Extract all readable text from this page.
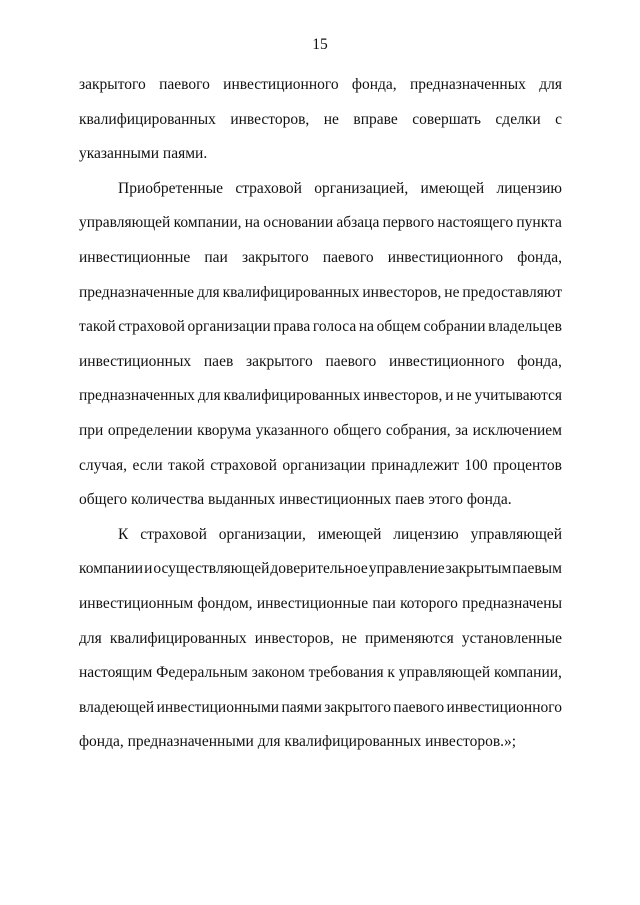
15
закрытого паевого инвестиционного фонда, предназначенных для
квалифицированных инвесторов, не вправе совершать сделки с
указанными паями.
Приобретенные страховой организацией, имеющей лицензию
управляющей компании, на основании абзаца первого настоящего пункта
инвестиционные паи закрытого паевого инвестиционного фонда,
предназначенные для квалифицированных инвесторов, не предоставляют
такой страховой организации права голоса на общем собрании владельцев
инвестиционных паев закрытого паевого инвестиционного фонда,
предназначенных для квалифицированных инвесторов, и не учитываются
при определении кворума указанного общего собрания, за исключением
случая, если такой страховой организации принадлежит 100 процентов
общего количества выданных инвестиционных паев этого фонда.
К страховой организации, имеющей лицензию управляющей
компании и осуществляющей доверительное управление закрытым паевым
инвестиционным фондом, инвестиционные паи которого предназначены
для квалифицированных инвесторов, не применяются установленные
настоящим Федеральным законом требования к управляющей компании,
владеющей инвестиционными паями закрытого паевого инвестиционного
фонда, предназначенными для квалифицированных инвесторов.»;
